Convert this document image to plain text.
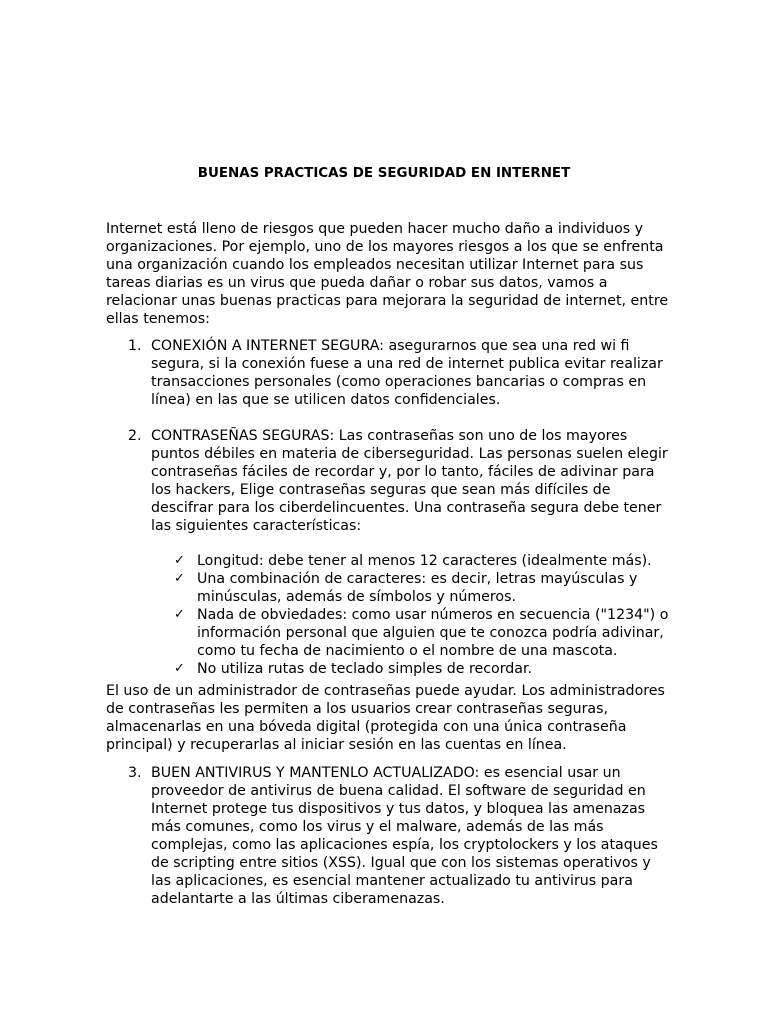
BUENAS PRACTICAS DE SEGURIDAD EN INTERNET
Internet está lleno de riesgos que pueden hacer mucho daño a individuos y
organizaciones. Por ejemplo, uno de los mayores riesgos a los que se enfrenta
una organización cuando los empleados necesitan utilizar Internet para sus
tareas diarias es un virus que pueda dañar o robar sus datos, vamos a
relacionar unas buenas practicas para mejorara la seguridad de internet, entre
ellas tenemos:
1. CONEXIÓN A INTERNET SEGURA: asegurarnos que sea una red wi fi
segura, si la conexión fuese a una red de internet publica evitar realizar
transacciones personales (como operaciones bancarias o compras en
línea) en las que se utilicen datos confidenciales.
2. CONTRASEÑAS SEGURAS: Las contraseñas son uno de los mayores
puntos débiles en materia de ciberseguridad. Las personas suelen elegir
contraseñas fáciles de recordar y, por lo tanto, fáciles de adivinar para
los hackers, Elige contraseñas seguras que sean más difíciles de
descifrar para los ciberdelincuentes. Una contraseña segura debe tener
las siguientes características:
✓ Longitud: debe tener al menos 12 caracteres (idealmente más).
✓ Una combinación de caracteres: es decir, letras mayúsculas y
minúsculas, además de símbolos y números.
✓ Nada de obviedades: como usar números en secuencia ("1234") o
información personal que alguien que te conozca podría adivinar,
como tu fecha de nacimiento o el nombre de una mascota.
✓ No utiliza rutas de teclado simples de recordar.
El uso de un administrador de contraseñas puede ayudar. Los administradores
de contraseñas les permiten a los usuarios crear contraseñas seguras,
almacenarlas en una bóveda digital (protegida con una única contraseña
principal) y recuperarlas al iniciar sesión en las cuentas en línea.
3. BUEN ANTIVIRUS Y MANTENLO ACTUALIZADO: es esencial usar un
proveedor de antivirus de buena calidad. El software de seguridad en
Internet protege tus dispositivos y tus datos, y bloquea las amenazas
más comunes, como los virus y el malware, además de las más
complejas, como las aplicaciones espía, los cryptolockers y los ataques
de scripting entre sitios (XSS). Igual que con los sistemas operativos y
las aplicaciones, es esencial mantener actualizado tu antivirus para
adelantarte a las últimas ciberamenazas.
